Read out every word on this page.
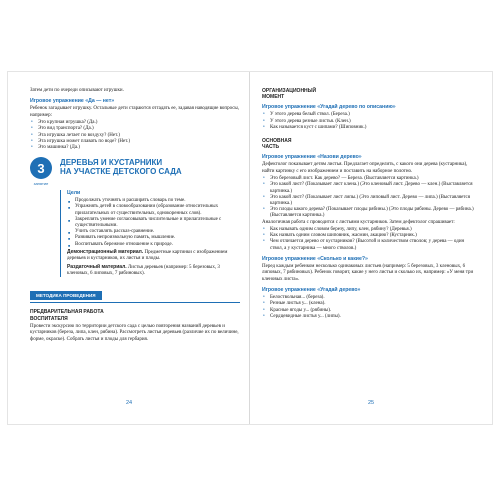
Затем дети по очереди описывают игрушки.
Игровое упражнение «Да — нет»
Ребенок загадывает игрушку. Остальные дети стараются отгадать ее, задавая наводящие вопросы, например:
• Это крупная игрушка? (Да.)
• Это вид транспорта? (Да.)
• Эта игрушка летает по воздуху? (Нет.)
• Эта игрушка может плавать по воде? (Нет.)
• Это машинка? (Да.)
3
занятие
ДЕРЕВЬЯ И КУСТАРНИКИ
НА УЧАСТКЕ ДЕТСКОГО САДА
Цели
■ Продолжать уточнять и расширять словарь по теме.
■ Упражнять детей в словообразовании (образование относительных прилагательных от существительных, однокоренных слов).
■ Закреплять умение согласовывать числительные и прилагательные с существительными.
■ Учить составлять рассказ-сравнение.
■ Развивать непроизвольную память, мышление.
■ Воспитывать бережное отношение к природе.
Демонстрационный материал. Предметные картинки с изображением деревьев и кустарников, их листья и плоды.
Раздаточный материал. Листья деревьев (например: 5 березовых, 3 кленовых, 6 липовых, 7 рябиновых).
МЕТОДИКА ПРОВЕДЕНИЯ
ПРЕДВАРИТЕЛЬНАЯ РАБОТА
ВОСПИТАТЕЛЯ
Провести экскурсию по территории детского сада с целью повторения названий деревьев и кустарников (береза, липа, клен, рябина). Рассмотреть листья деревьев (различие их по величине, форме, окраске). Собрать листья и плоды для гербария.
24
ОРГАНИЗАЦИОННЫЙ
МОМЕНТ
Игровое упражнение «Угадай дерево по описанию»
• У этого дерева белый ствол. (Береза.)
• У этого дерева резные листья. (Клен.)
• Как называется куст с шипами? (Шиповник.)
ОСНОВНАЯ
ЧАСТЬ
Игровое упражнение «Назови дерево»
Дефектолог показывает детям листья. Предлагает определить, с какого они дерева (кустарника), найти картинку с его изображением и поставить на наборное полотно.
• Это березовый лист. Как дерево? — Береза. (Выставляется картинка.)
• Это какой лист? (Показывает лист клена.) (Это кленовый лист. Дерево — клен.) (Выставляется картинка.)
• Это какой лист? (Показывает лист липы.) (Это липовый лист. Дерево — липа.) (Выставляется картинка.)
• Это плоды какого дерева? (Показывает плоды рябины.) (Это плоды рябины. Дерево — рябина.) (Выставляется картинка.)
Аналогичная работа с проводится с листьями кустарников. Затем дефектолог спрашивает:
• Как называть одним словом березу, липу, клен, рябину? (Деревья.)
• Как назвать одним словом шиповник, жасмин, акацию? (Кустарник.)
• Чем отличается дерево от кустарников? (Высотой и количеством стволов; у дерева — один ствол, а у кустарника — много стволов.)
Игровое упражнение «Сколько и какие?»
Перед каждым ребенком несколько одинаковых листьев (например: 5 березовых, 3 кленовых, 6 липовых, 7 рябиновых). Ребенок говорит, какие у него листья и сколько их, например: «У меня три кленовых листа».
Игровое упражнение «Угадай дерево»
• Белоствольная... (береза).
• Резные листья у... (клена).
• Красные ягоды у... (рябины).
• Сердцевидные листья у... (липы).
25
